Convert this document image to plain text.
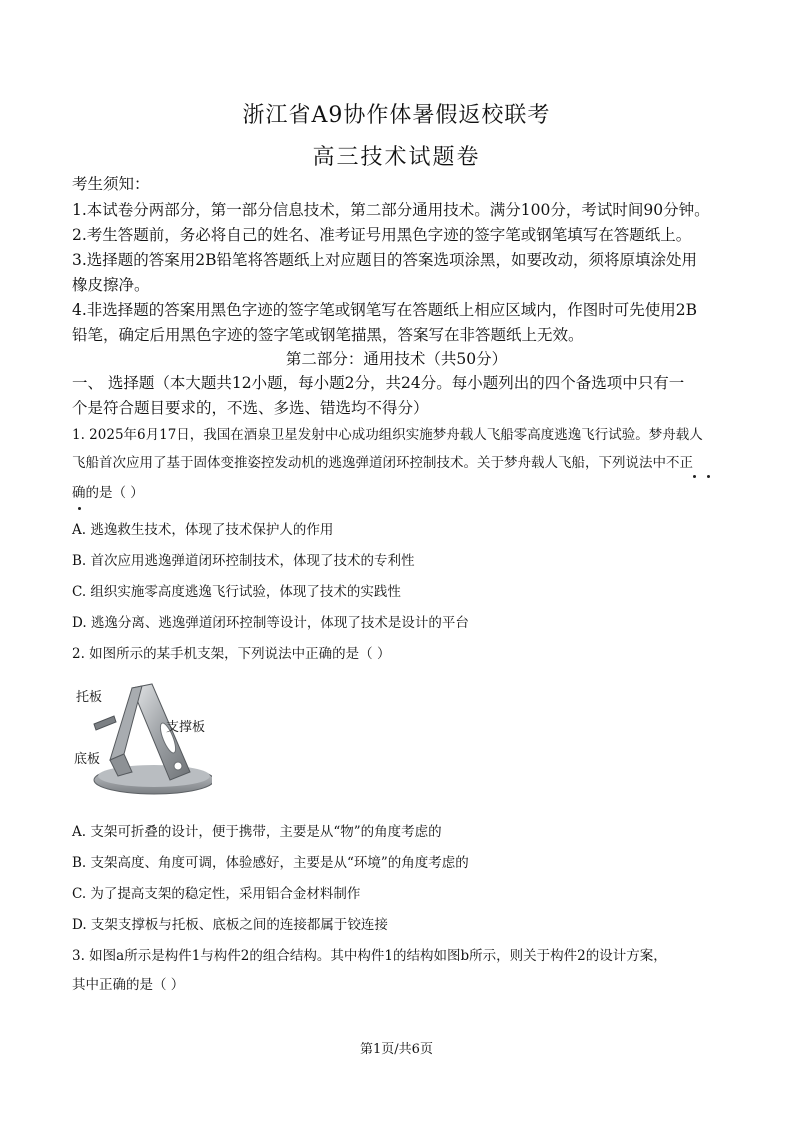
浙江省A9协作体暑假返校联考
高三技术试题卷
考生须知：
1.本试卷分两部分，第一部分信息技术，第二部分通用技术。满分100分，考试时间90分钟。
2.考生答题前，务必将自己的姓名、准考证号用黑色字迹的签字笔或钢笔填写在答题纸上。
3.选择题的答案用2B铅笔将答题纸上对应题目的答案选项涂黑，如要改动，须将原填涂处用
橡皮擦净。
4.非选择题的答案用黑色字迹的签字笔或钢笔写在答题纸上相应区域内，作图时可先使用2B
铅笔，确定后用黑色字迹的签字笔或钢笔描黑，答案写在非答题纸上无效。
第二部分：通用技术（共50分）
一、 选择题（本大题共12小题，每小题2分，共24分。每小题列出的四个备选项中只有一
个是符合题目要求的，不选、多选、错选均不得分）
1. 2025年6月17日，我国在酒泉卫星发射中心成功组织实施梦舟载人飞船零高度逃逸飞行试验。梦舟载人
飞船首次应用了基于固体变推姿控发动机的逃逸弹道闭环控制技术。关于梦舟载人飞船，下列说法中不正
确的是（ ）
A. 逃逸救生技术，体现了技术保护人的作用
B. 首次应用逃逸弹道闭环控制技术，体现了技术的专利性
C. 组织实施零高度逃逸飞行试验，体现了技术的实践性
D. 逃逸分离、逃逸弹道闭环控制等设计，体现了技术是设计的平台
2. 如图所示的某手机支架，下列说法中正确的是（ ）
托板
支撑板
底板
A. 支架可折叠的设计，便于携带，主要是从“物”的角度考虑的
B. 支架高度、角度可调，体验感好，主要是从“环境”的角度考虑的
C. 为了提高支架的稳定性，采用铝合金材料制作
D. 支架支撑板与托板、底板之间的连接都属于铰连接
3. 如图a所示是构件1与构件2的组合结构。其中构件1的结构如图b所示，则关于构件2的设计方案，
其中正确的是（ ）
第1页/共6页
